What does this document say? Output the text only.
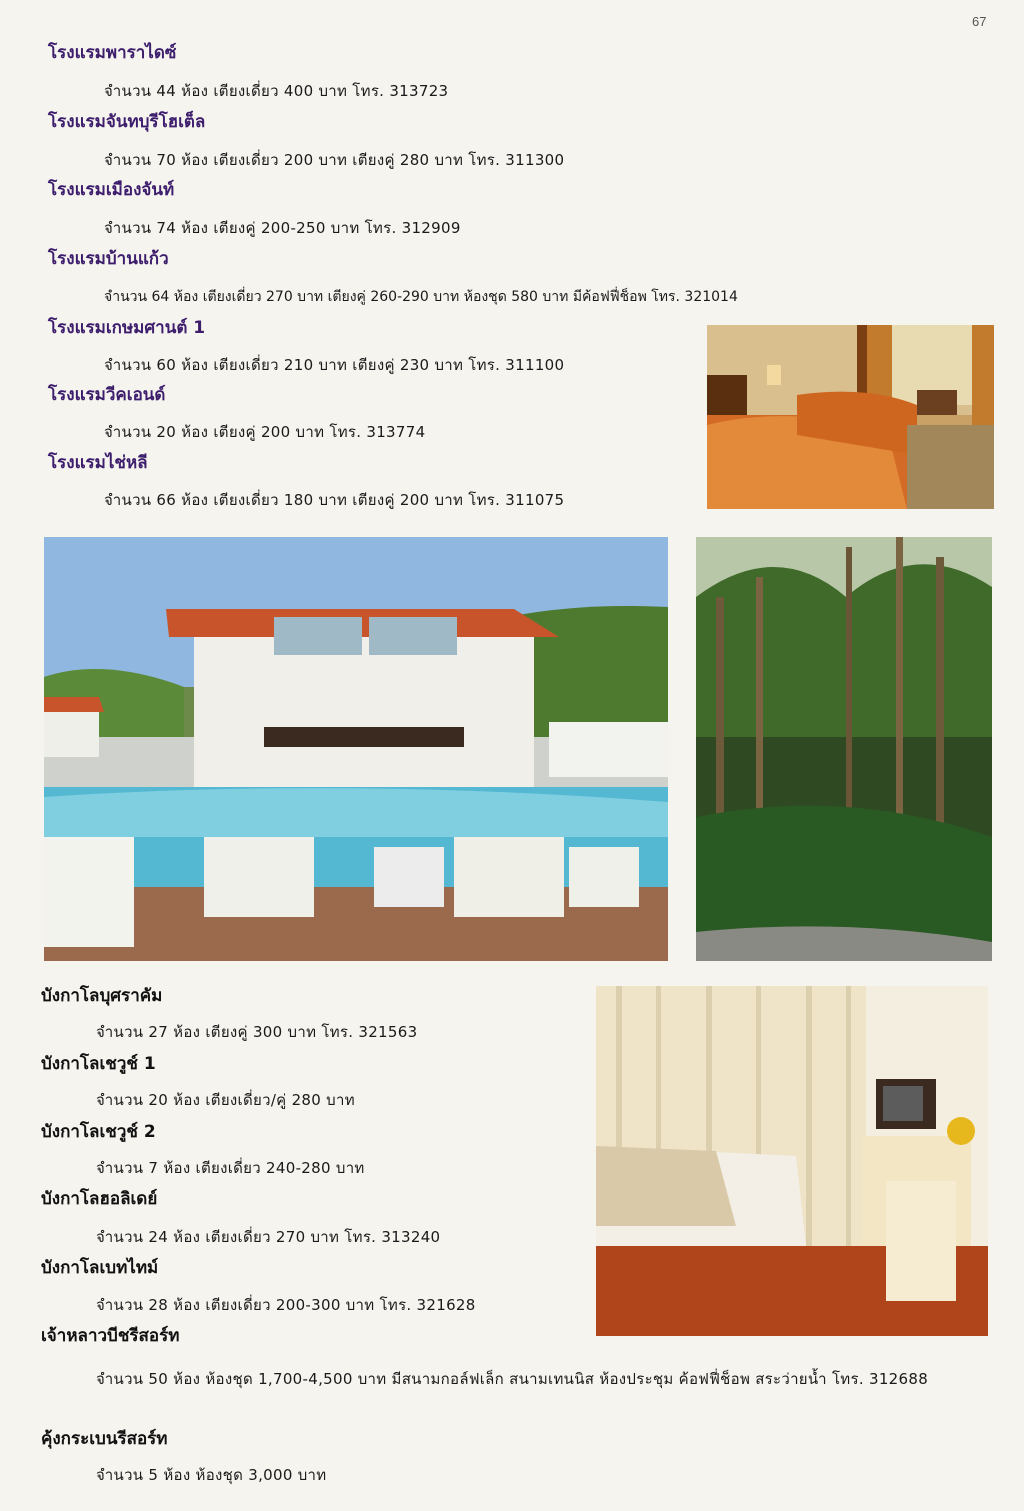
67
โรงแรมพาราไดซ์
จำนวน 44 ห้อง เตียงเดี่ยว 400 บาท โทร. 313723
โรงแรมจันทบุรีโฮเต็ล
จำนวน 70 ห้อง เตียงเดี่ยว 200 บาท เตียงคู่ 280 บาท โทร. 311300
โรงแรมเมืองจันท์
จำนวน 74 ห้อง เตียงคู่ 200-250 บาท โทร. 312909
โรงแรมบ้านแก้ว
จำนวน 64 ห้อง เตียงเดี่ยว 270 บาท เตียงคู่ 260-290 บาท ห้องชุด 580 บาท มีค้อฟฟี่ช็อพ โทร. 321014
โรงแรมเกษมศานต์ 1
จำนวน 60 ห้อง เตียงเดี่ยว 210 บาท เตียงคู่ 230 บาท โทร. 311100
โรงแรมวีคเอนด์
จำนวน 20 ห้อง เตียงคู่ 200 บาท โทร. 313774
โรงแรมไช่หลี
จำนวน 66 ห้อง เตียงเดี่ยว 180 บาท เตียงคู่ 200 บาท โทร. 311075
บังกาโลบุศราคัม
จำนวน 27 ห้อง เตียงคู่ 300 บาท โทร. 321563
บังกาโลเชวูช์ 1
จำนวน 20 ห้อง เตียงเดี่ยว/คู่ 280 บาท
บังกาโลเชวูช์ 2
จำนวน 7 ห้อง เตียงเดี่ยว 240-280 บาท
บังกาโลฮอลิเดย์
จำนวน 24 ห้อง เตียงเดี่ยว 270 บาท โทร. 313240
บังกาโลเบทไทม์
จำนวน 28 ห้อง เตียงเดี่ยว 200-300 บาท โทร. 321628
เจ้าหลาวบีชรีสอร์ท
จำนวน 50 ห้อง ห้องชุด 1,700-4,500 บาท มีสนามกอล์ฟเล็ก สนามเทนนิส ห้องประชุม ค้อฟฟี่ช็อพ สระว่ายน้ำ โทร. 312688
คุ้งกระเบนรีสอร์ท
จำนวน 5 ห้อง ห้องชุด 3,000 บาท
